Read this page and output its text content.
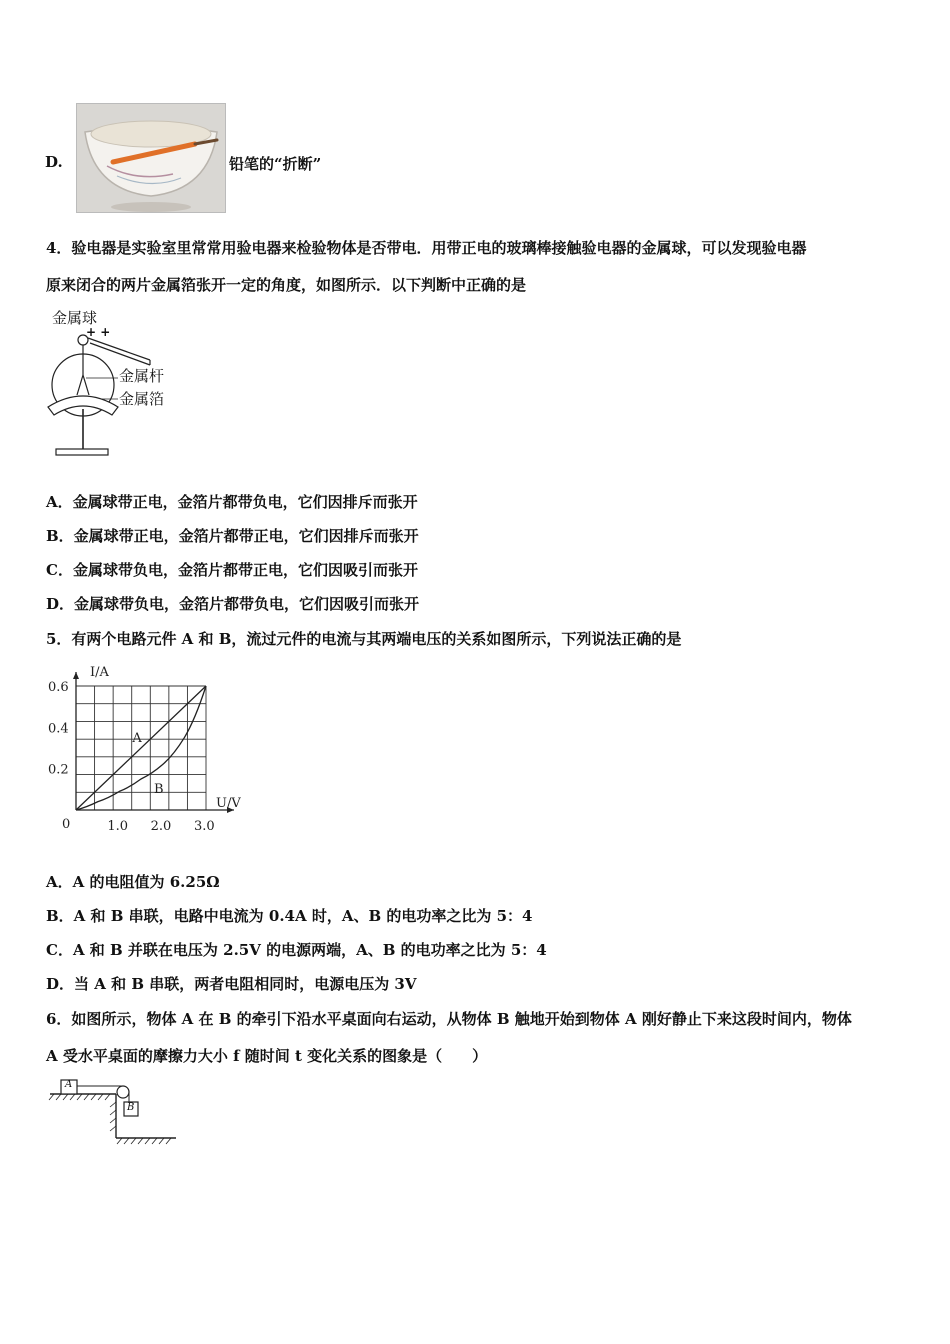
D.	铅笔的“折断”
4．验电器是实验室里常常用验电器来检验物体是否带电．用带正电的玻璃棒接触验电器的金属球，可以发现验电器
原来闭合的两片金属箔张开一定的角度，如图所示．以下判断中正确的是
金属球
+ +
金属杆
金属箔
A．金属球带正电，金箔片都带负电，它们因排斥而张开
B．金属球带正电，金箔片都带正电，它们因排斥而张开
C．金属球带负电，金箔片都带正电，它们因吸引而张开
D．金属球带负电，金箔片都带负电，它们因吸引而张开
5．有两个电路元件 A 和 B，流过元件的电流与其两端电压的关系如图所示，下列说法正确的是
I/A
U/V
0	1.0 2.0 3.0
0.2
0.4
0.6
A
B
A．A 的电阻值为 6.25Ω
B．A 和 B 串联，电路中电流为 0.4A 时，A、B 的电功率之比为 5：4
C．A 和 B 并联在电压为 2.5V 的电源两端，A、B 的电功率之比为 5：4
D．当 A 和 B 串联，两者电阻相同时，电源电压为 3V
6．如图所示，物体 A 在 B 的牵引下沿水平桌面向右运动，从物体 B 触地开始到物体 A 刚好静止下来这段时间内，物体
A 受水平桌面的摩擦力大小 f 随时间 t 变化关系的图象是（　　）
A
B
